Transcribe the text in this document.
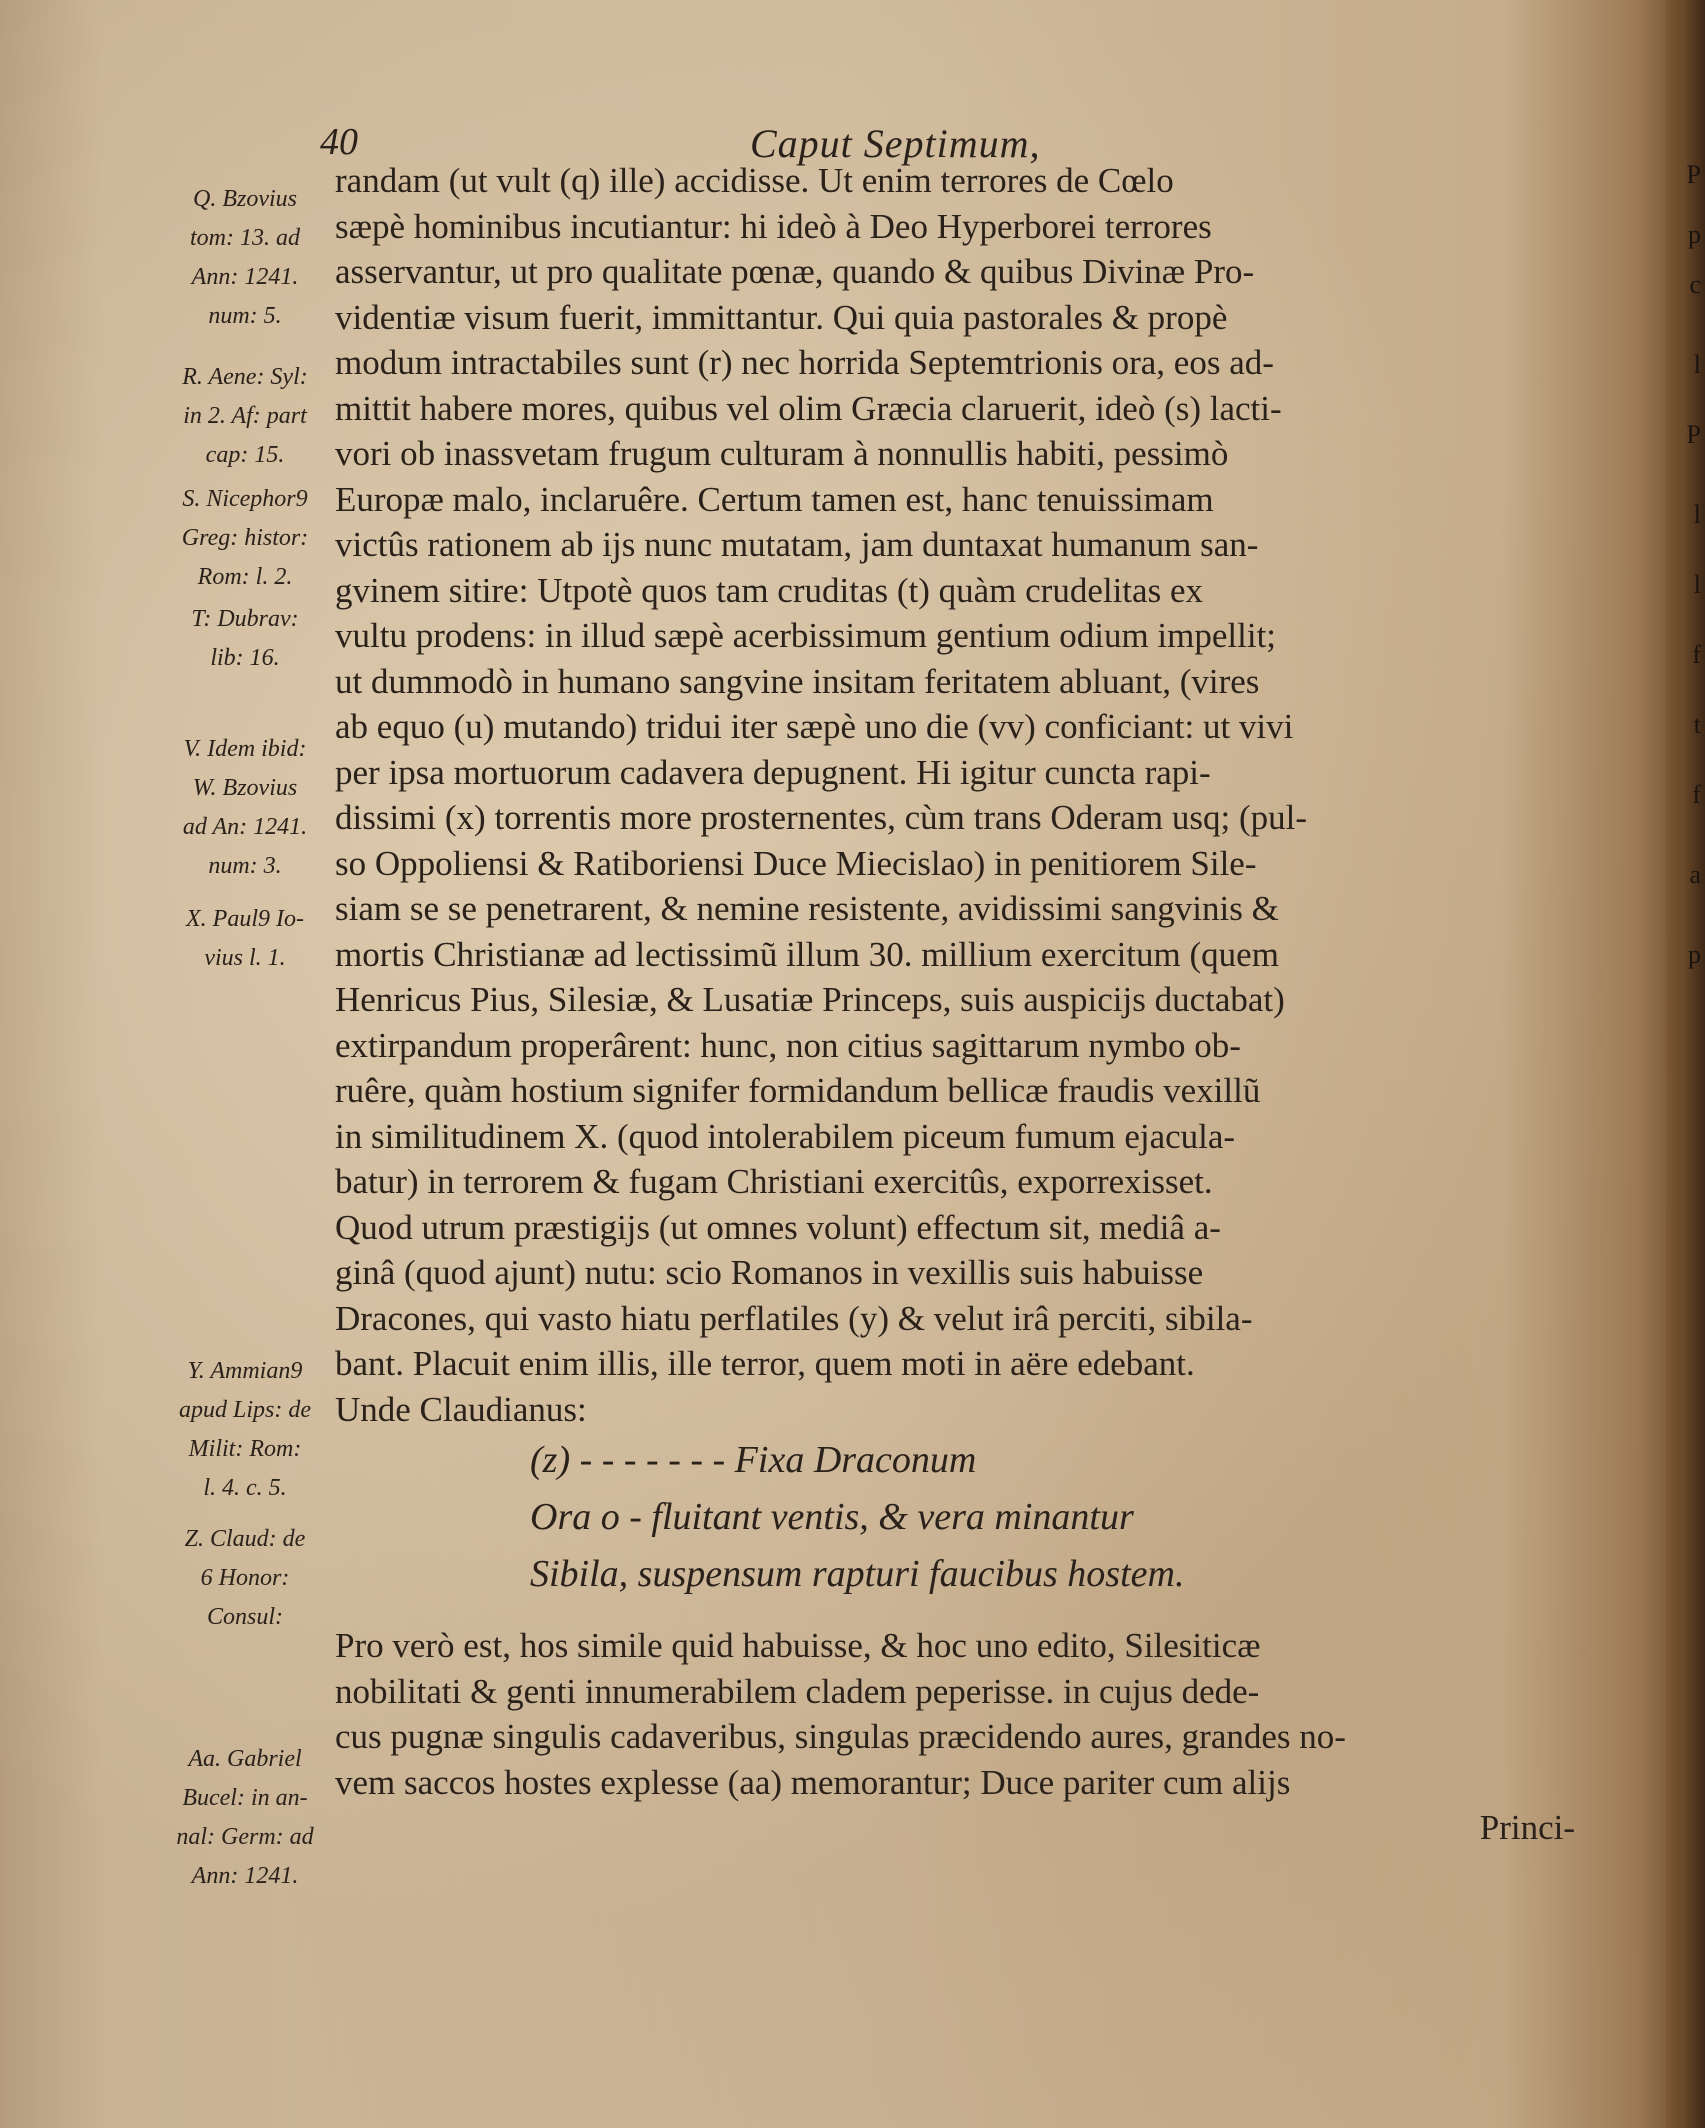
P
p
c
l
P
l
l
f
t
f
a
p
40	Caput Septimum,
Q. Bzovius
tom: 13. ad
Ann: 1241.
num: 5.
R. Aene: Syl:
in 2. Af: part
cap: 15.
S. Nicephor9
Greg: histor:
Rom: l. 2.
T: Dubrav:
lib: 16.
V. Idem ibid:
W. Bzovius
ad An: 1241.
num: 3.
X. Paul9 Io-
vius l. 1.
Y. Ammian9
apud Lips: de
Milit: Rom:
l. 4. c. 5.
Z. Claud: de
6 Honor:
Consul:
Aa. Gabriel
Bucel: in an-
nal: Germ: ad
Ann: 1241.
randam (ut vult (q) ille) accidisse. Ut enim terrores de Cœlo
sæpè hominibus incutiantur: hi ideò à Deo Hyperborei terrores
asservantur, ut pro qualitate pœnæ, quando & quibus Divinæ Pro-
videntiæ visum fuerit, immittantur. Qui quia pastorales & propè
modum intractabiles sunt (r) nec horrida Septemtrionis ora, eos ad-
mittit habere mores, quibus vel olim Græcia claruerit, ideò (s) lacti-
vori ob inassvetam frugum culturam à nonnullis habiti, pessimò
Europæ malo, inclaruêre. Certum tamen est, hanc tenuissimam
victûs rationem ab ijs nunc mutatam, jam duntaxat humanum san-
gvinem sitire: Utpotè quos tam cruditas (t) quàm crudelitas ex
vultu prodens: in illud sæpè acerbissimum gentium odium impellit;
ut dummodò in humano sangvine insitam feritatem abluant, (vires
ab equo (u) mutando) tridui iter sæpè uno die (vv) conficiant: ut vivi
per ipsa mortuorum cadavera depugnent. Hi igitur cuncta rapi-
dissimi (x) torrentis more prosternentes, cùm trans Oderam usq; (pul-
so Oppoliensi & Ratiboriensi Duce Miecislao) in penitiorem Sile-
siam se se penetrarent, & nemine resistente, avidissimi sangvinis &
mortis Christianæ ad lectissimũ illum 30. millium exercitum (quem
Henricus Pius, Silesiæ, & Lusatiæ Princeps, suis auspicijs ductabat)
extirpandum properârent: hunc, non citius sagittarum nymbo ob-
ruêre, quàm hostium signifer formidandum bellicæ fraudis vexillũ
in similitudinem X. (quod intolerabilem piceum fumum ejacula-
batur) in terrorem & fugam Christiani exercitûs, exporrexisset.
Quod utrum præstigijs (ut omnes volunt) effectum sit, mediâ a-
ginâ (quod ajunt) nutu: scio Romanos in vexillis suis habuisse
Dracones, qui vasto hiatu perflatiles (y) & velut irâ perciti, sibila-
bant. Placuit enim illis, ille terror, quem moti in aëre edebant.
Unde Claudianus:
(z) - - - - - - - Fixa Draconum
Ora o - fluitant ventis, & vera minantur
Sibila, suspensum rapturi faucibus hostem.
Pro verò est, hos simile quid habuisse, & hoc uno edito, Silesiticæ
nobilitati & genti innumerabilem cladem peperisse. in cujus dede-
cus pugnæ singulis cadaveribus, singulas præcidendo aures, grandes no-
vem saccos hostes explesse (aa) memorantur; Duce pariter cum alijs
Princi-
